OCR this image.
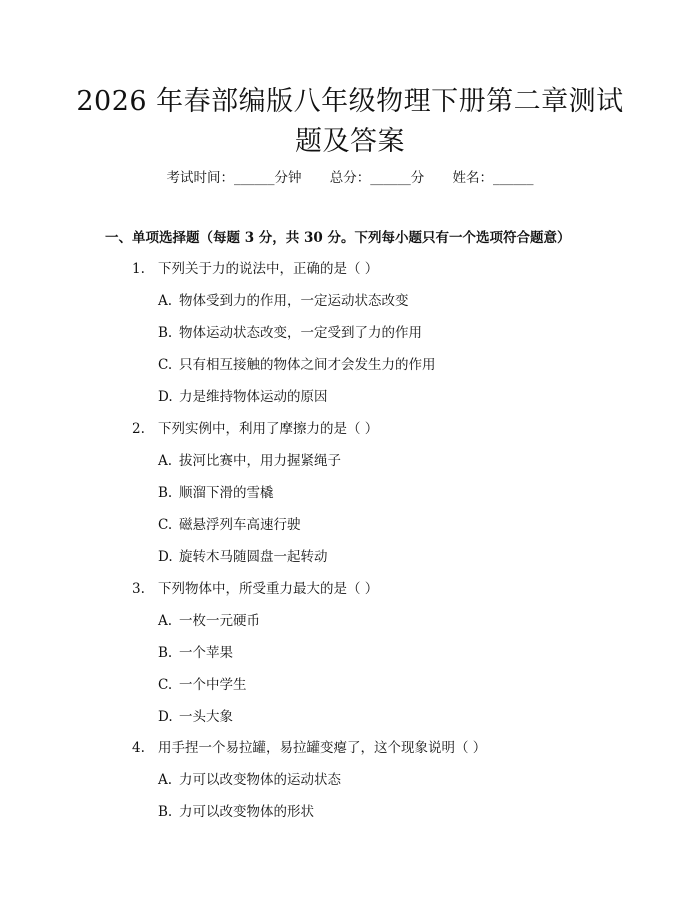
2026 年春部编版八年级物理下册第二章测试
题及答案
考试时间：______分钟 总分：______分 姓名：______
一、单项选择题（每题 3 分，共 30 分。下列每小题只有一个选项符合题意）
1. 下列关于力的说法中，正确的是（ ）
A. 物体受到力的作用，一定运动状态改变
B. 物体运动状态改变，一定受到了力的作用
C. 只有相互接触的物体之间才会发生力的作用
D. 力是维持物体运动的原因
2. 下列实例中，利用了摩擦力的是（ ）
A. 拔河比赛中，用力握紧绳子
B. 顺溜下滑的雪橇
C. 磁悬浮列车高速行驶
D. 旋转木马随圆盘一起转动
3. 下列物体中，所受重力最大的是（ ）
A. 一枚一元硬币
B. 一个苹果
C. 一个中学生
D. 一头大象
4. 用手捏一个易拉罐，易拉罐变瘪了，这个现象说明（ ）
A. 力可以改变物体的运动状态
B. 力可以改变物体的形状
